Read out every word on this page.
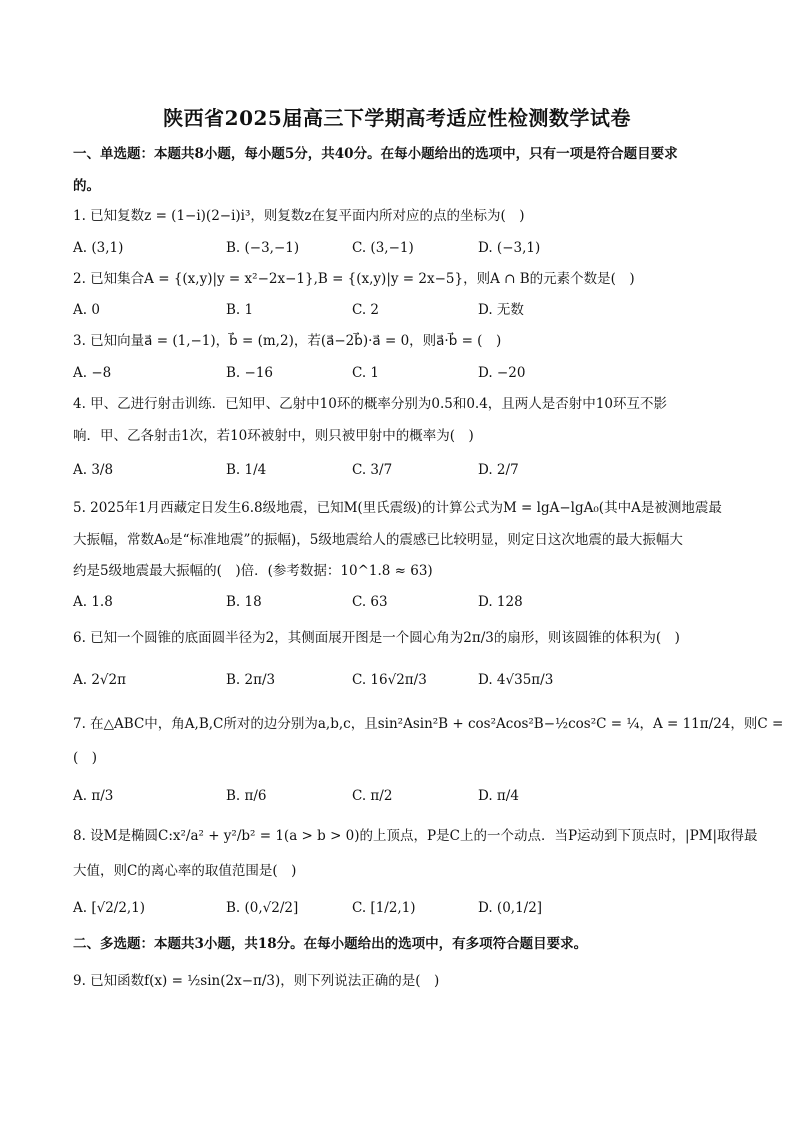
陕西省2025届高三下学期高考适应性检测数学试卷
一、单选题：本题共8小题，每小题5分，共40分。在每小题给出的选项中，只有一项是符合题目要求
的。
1. 已知复数z = (1−i)(2−i)i³，则复数z在复平面内所对应的点的坐标为(　)
A. (3,1)	B. (−3,−1)	C. (3,−1)	D. (−3,1)
2. 已知集合A = {(x,y)|y = x²−2x−1},B = {(x,y)|y = 2x−5}，则A ∩ B的元素个数是(　)
A. 0	B. 1	C. 2	D. 无数
3. 已知向量a⃗ = (1,−1)，b⃗ = (m,2)，若(a⃗−2b⃗)·a⃗ = 0，则a⃗·b⃗ = (　)
A. −8	B. −16	C. 1	D. −20
4. 甲、乙进行射击训练．已知甲、乙射中10环的概率分别为0.5和0.4，且两人是否射中10环互不影
响．甲、乙各射击1次，若10环被射中，则只被甲射中的概率为(　)
A. 3/8	B. 1/4	C. 3/7	D. 2/7
5. 2025年1月西藏定日发生6.8级地震，已知M(里氏震级)的计算公式为M = lgA−lgA₀(其中A是被测地震最
大振幅，常数A₀是“标准地震”的振幅)，5级地震给人的震感已比较明显，则定日这次地震的最大振幅大
约是5级地震最大振幅的(　)倍．(参考数据：10^1.8 ≈ 63)
A. 1.8	B. 18	C. 63	D. 128
6. 已知一个圆锥的底面圆半径为2，其侧面展开图是一个圆心角为2π/3的扇形，则该圆锥的体积为(　)
A. 2√2π	B. 2π/3	C. 16√2π/3	D. 4√35π/3
7. 在△ABC中，角A,B,C所对的边分别为a,b,c，且sin²Asin²B + cos²Acos²B−½cos²C = ¼，A = 11π/24，则C =
(　)
A. π/3	B. π/6	C. π/2	D. π/4
8. 设M是椭圆C:x²/a² + y²/b² = 1(a > b > 0)的上顶点，P是C上的一个动点．当P运动到下顶点时，|PM|取得最
大值，则C的离心率的取值范围是(　)
A. [√2/2,1)	B. (0,√2/2]	C. [1/2,1)	D. (0,1/2]
二、多选题：本题共3小题，共18分。在每小题给出的选项中，有多项符合题目要求。
9. 已知函数f(x) = ½sin(2x−π/3)，则下列说法正确的是(　)
